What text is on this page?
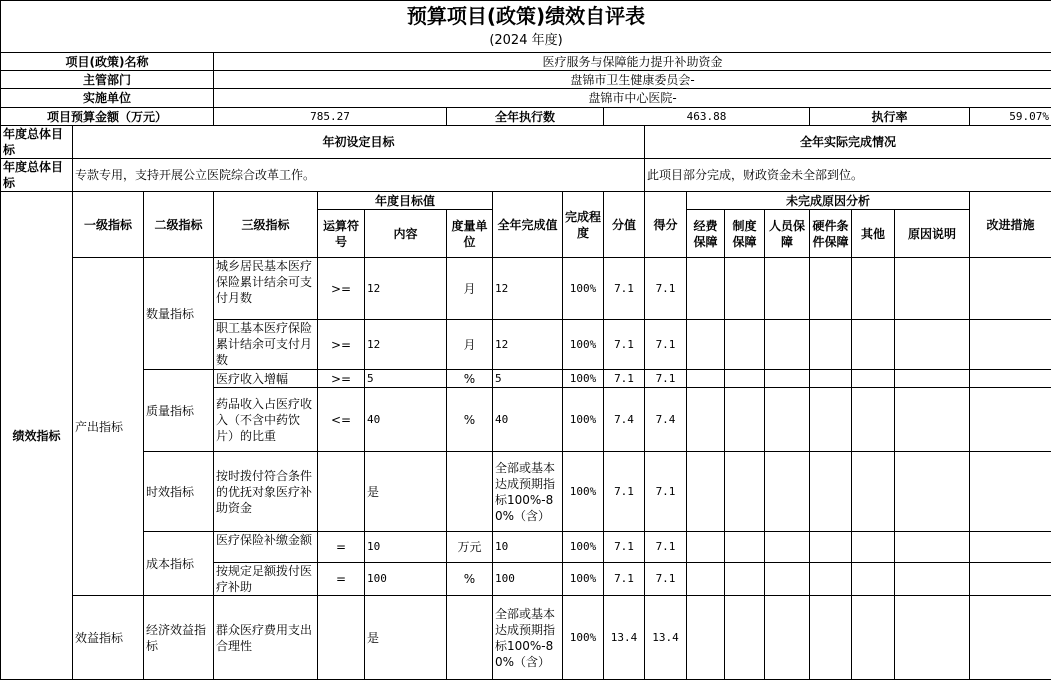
预算项目(政策)绩效自评表																	
(2024 年度)																	
项目(政策)名称			医疗服务与保障能力提升补助资金														
主管部门			盘锦市卫生健康委员会-														
实施单位			盘锦市中心医院-														
项目预算金额（万元）			785.27			全年执行数			463.88					执行率			59.07%
年度总体目标	年初设定目标									全年实际完成情况							
年度总体目标	专款专用，支持开展公立医院综合改革工作。									此项目部分完成，财政资金未全部到位。							
绩效指标	一级指标	二级指标	三级指标	年度目标值			全年完成值	完成程度	分值	得分	未完成原因分析						改进措施
				运算符号	内容	度量单位					经费保障	制度保障	人员保障	硬件条件保障	其他	原因说明	
	产出指标	数量指标	城乡居民基本医疗保险累计结余可支付月数	>=	12	月	12	100%	7.1	7.1							
			职工基本医疗保险累计结余可支付月数	>=	12	月	12	100%	7.1	7.1							
		质量指标	医疗收入增幅	>=	5	%	5	100%	7.1	7.1							
			药品收入占医疗收入（不含中药饮片）的比重	<=	40	%	40	100%	7.4	7.4							
		时效指标	按时拨付符合条件的优抚对象医疗补助资金		是		全部或基本达成预期指标100%-80%（含）	100%	7.1	7.1							
		成本指标	医疗保险补缴金额	=	10	万元	10	100%	7.1	7.1							
			按规定足额拨付医疗补助	=	100	%	100	100%	7.1	7.1							
	效益指标	经济效益指标	群众医疗费用支出合理性		是		全部或基本达成预期指标100%-80%（含）	100%	13.4	13.4							
